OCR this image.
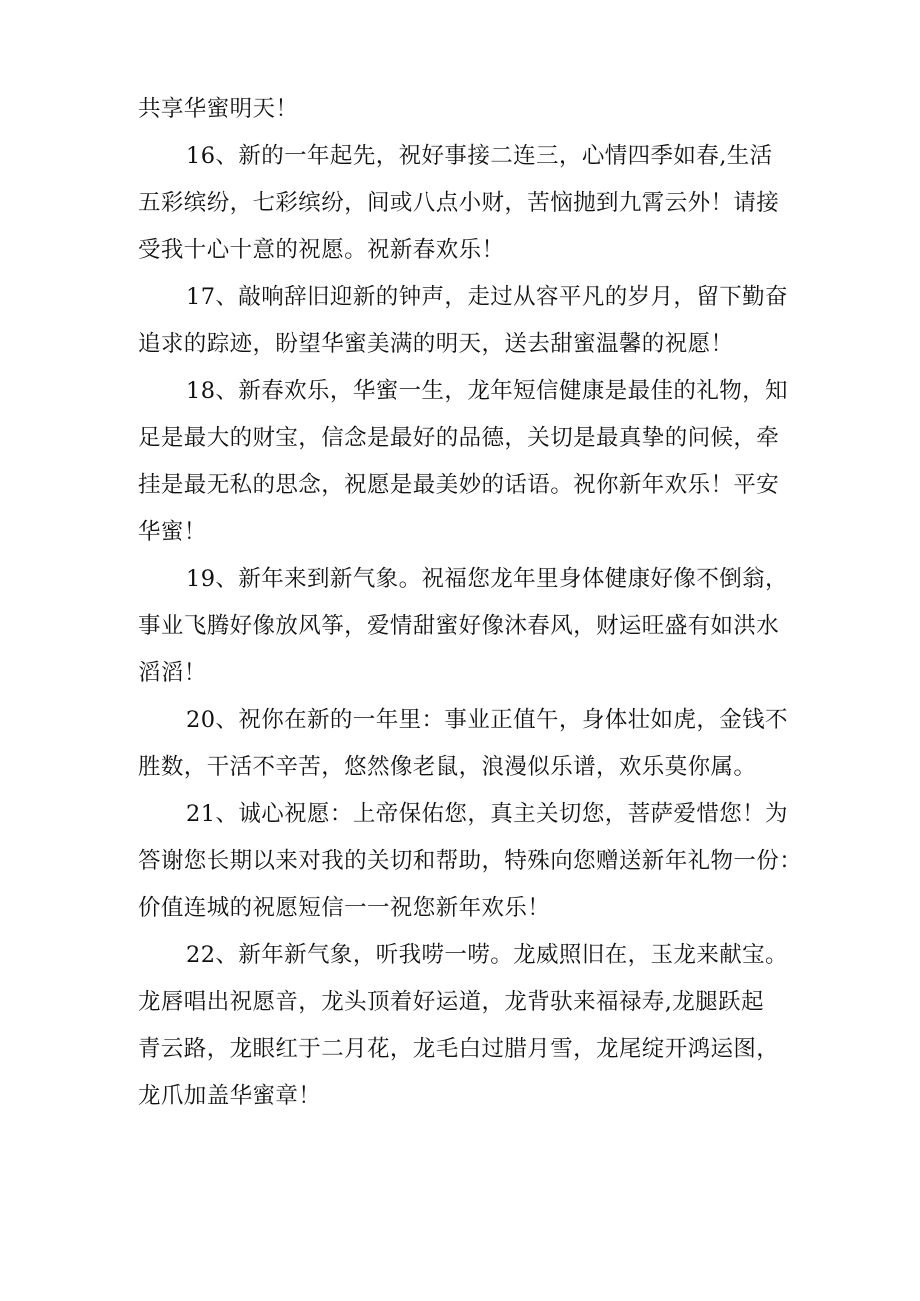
共享华蜜明天！
16、新的一年起先，祝好事接二连三，心情四季如春,生活
五彩缤纷，七彩缤纷，间或八点小财，苦恼抛到九霄云外！请接
受我十心十意的祝愿。祝新春欢乐！
17、敲响辞旧迎新的钟声，走过从容平凡的岁月，留下勤奋
追求的踪迹，盼望华蜜美满的明天，送去甜蜜温馨的祝愿！
18、新春欢乐，华蜜一生，龙年短信健康是最佳的礼物，知
足是最大的财宝，信念是最好的品德，关切是最真挚的问候，牵
挂是最无私的思念，祝愿是最美妙的话语。祝你新年欢乐！平安
华蜜！
19、新年来到新气象。祝福您龙年里身体健康好像不倒翁，
事业飞腾好像放风筝，爱情甜蜜好像沐春风，财运旺盛有如洪水
滔滔！
20、祝你在新的一年里：事业正值午，身体壮如虎，金钱不
胜数，干活不辛苦，悠然像老鼠，浪漫似乐谱，欢乐莫你属。
21、诚心祝愿：上帝保佑您，真主关切您，菩萨爱惜您！为
答谢您长期以来对我的关切和帮助，特殊向您赠送新年礼物一份：
价值连城的祝愿短信一一祝您新年欢乐！
22、新年新气象，听我唠一唠。龙威照旧在，玉龙来献宝。
龙唇唱出祝愿音，龙头顶着好运道，龙背驮来福禄寿,龙腿跃起
青云路，龙眼红于二月花，龙毛白过腊月雪，龙尾绽开鸿运图，
龙爪加盖华蜜章！
